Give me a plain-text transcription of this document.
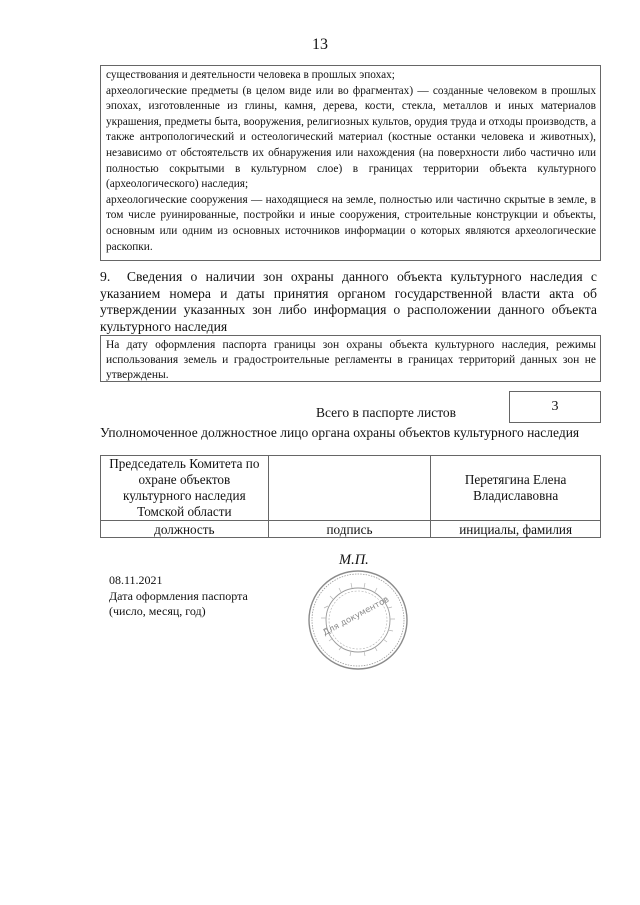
13

существования и деятельности человека в прошлых эпохах;

археологические предметы (в целом виде или во фрагментах) — созданные человеком в прошлых эпохах, изготовленные из глины, камня, дерева, кости, стекла, металлов и иных материалов украшения, предметы быта, вооружения, религиозных культов, орудия труда и отходы производств, а также антропологический и остеологический материал (костные останки человека и животных), независимо от обстоятельств их обнаружения или нахождения (на поверхности либо частично или полностью сокрытыми в культурном слое) в границах территории объекта культурного (археологического) наследия;

археологические сооружения — находящиеся на земле, полностью или частично скрытые в земле, в том числе руинированные, постройки и иные сооружения, строительные конструкции и объекты, основным или одним из основных источников информации о которых являются археологические раскопки.

9. Сведения о наличии зон охраны данного объекта культурного наследия с указанием номера и даты принятия органом государственной власти акта об утверждении указанных зон либо информация о расположении данного объекта культурного наследия

На дату оформления паспорта границы зон охраны объекта культурного наследия, режимы использования земель и градостроительные регламенты в границах территорий данных зон не утверждены.

Всего в паспорте листов	3
Уполномоченное должностное лицо органа охраны объектов культурного наследия
Председатель Комитета по охране объектов культурного наследия Томской области		Перетягина Елена Владиславовна
должность	подпись	инициалы, фамилия
М.П.
08.11.2021
Дата оформления паспорта
(число, месяц, год)	Для документов
